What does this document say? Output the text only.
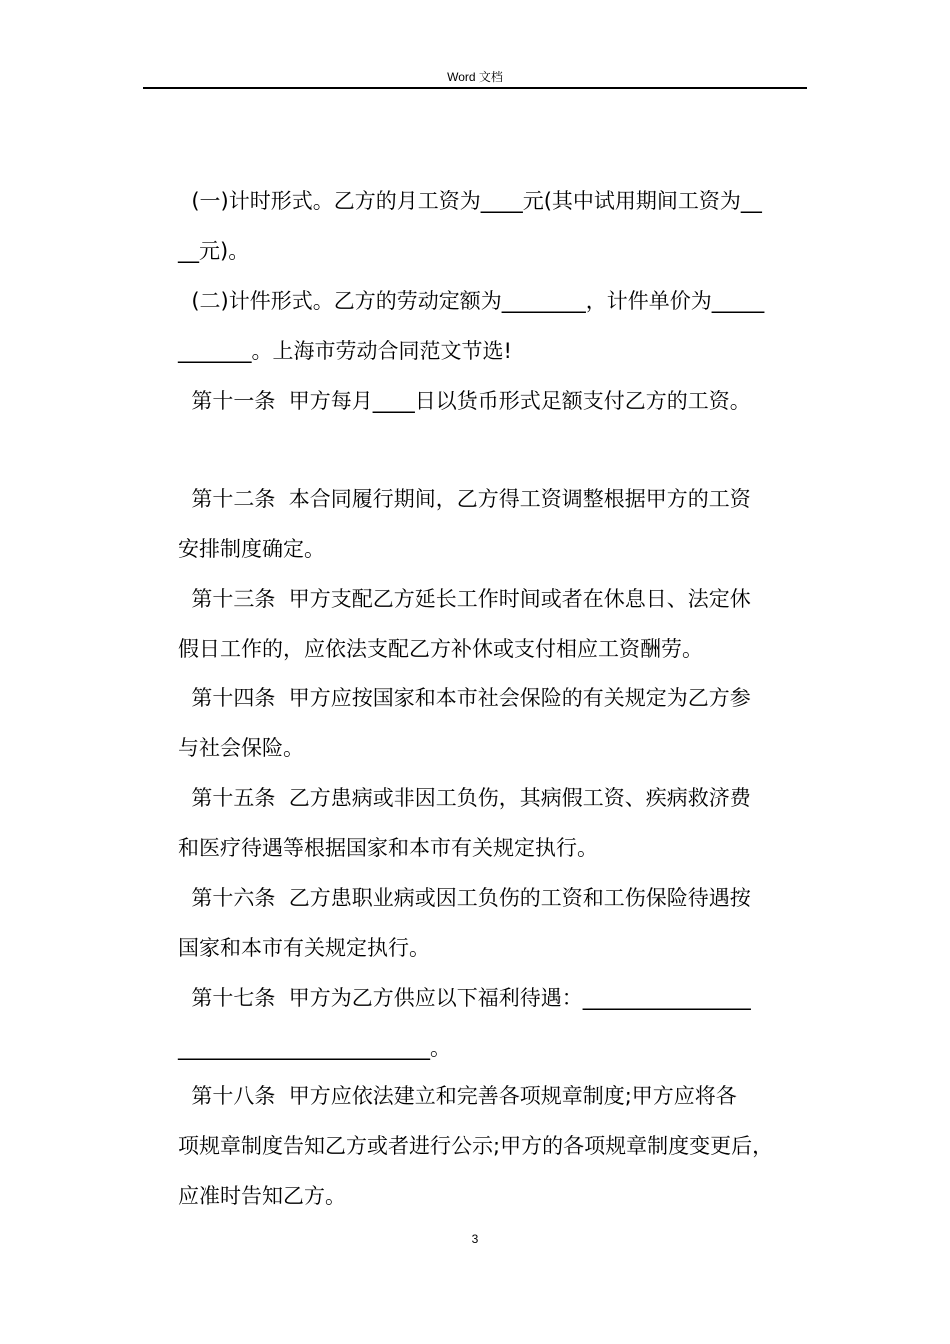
Word 文档
(一)计时形式。乙方的月工资为____元(其中试用期间工资为__
__元)。
(二)计件形式。乙方的劳动定额为________，计件单价为_____
_______。上海市劳动合同范文节选!
第十一条  甲方每月____日以货币形式足额支付乙方的工资。
第十二条  本合同履行期间，乙方得工资调整根据甲方的工资
安排制度确定。
第十三条  甲方支配乙方延长工作时间或者在休息日、法定休
假日工作的，应依法支配乙方补休或支付相应工资酬劳。
第十四条  甲方应按国家和本市社会保险的有关规定为乙方参
与社会保险。
第十五条  乙方患病或非因工负伤，其病假工资、疾病救济费
和医疗待遇等根据国家和本市有关规定执行。
第十六条  乙方患职业病或因工负伤的工资和工伤保险待遇按
国家和本市有关规定执行。
第十七条  甲方为乙方供应以下福利待遇：________________
________________________。
第十八条  甲方应依法建立和完善各项规章制度;甲方应将各
项规章制度告知乙方或者进行公示;甲方的各项规章制度变更后，
应准时告知乙方。
3
